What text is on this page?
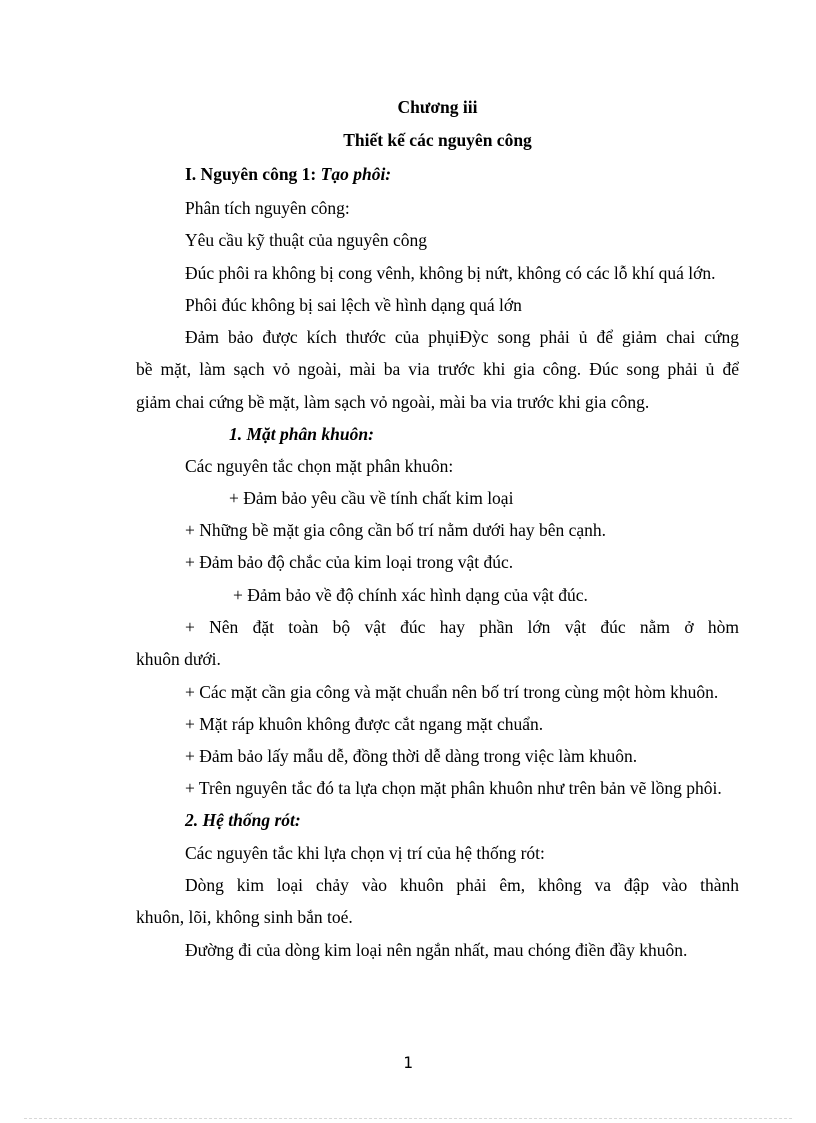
Chương iii
Thiết kế các nguyên công
I. Nguyên công 1: Tạo phôi:
Phân tích nguyên công:
Yêu cầu kỹ thuật của nguyên công
Đúc phôi ra không bị cong vênh, không bị nứt, không có các lỗ khí quá lớn.
Phôi đúc không bị sai lệch về hình dạng quá lớn
Đảm bảo được kích thước của phụiĐỳc song phải ủ để giảm chai cứng
bề mặt, làm sạch vỏ ngoài, mài ba via trước khi gia công. Đúc song phải ủ để
giảm chai cứng bề mặt, làm sạch vỏ ngoài, mài ba via trước khi gia công.
1. Mặt phân khuôn:
Các nguyên tắc chọn mặt phân khuôn:
+ Đảm bảo yêu cầu về tính chất kim loại
+ Những bề mặt gia công cần bố trí nằm dưới hay bên cạnh.
+ Đảm bảo độ chắc của kim loại trong vật đúc.
+ Đảm bảo về độ chính xác hình dạng của vật đúc.
+ Nên đặt toàn bộ vật đúc hay phần lớn vật đúc nằm ở hòm
khuôn dưới.
+ Các mặt cần gia công và mặt chuẩn nên bố trí trong cùng một hòm khuôn.
+ Mặt ráp khuôn không được cắt ngang mặt chuẩn.
+ Đảm bảo lấy mẫu dễ, đồng thời dễ dàng trong việc làm khuôn.
+ Trên nguyên tắc đó ta lựa chọn mặt phân khuôn như trên bản vẽ lồng phôi.
2. Hệ thống rót:
Các nguyên tắc khi lựa chọn vị trí của hệ thống rót:
Dòng kim loại chảy vào khuôn phải êm, không va đập vào thành
khuôn, lõi, không sinh bắn toé.
Đường đi của dòng kim loại nên ngắn nhất, mau chóng điền đầy khuôn.
1
